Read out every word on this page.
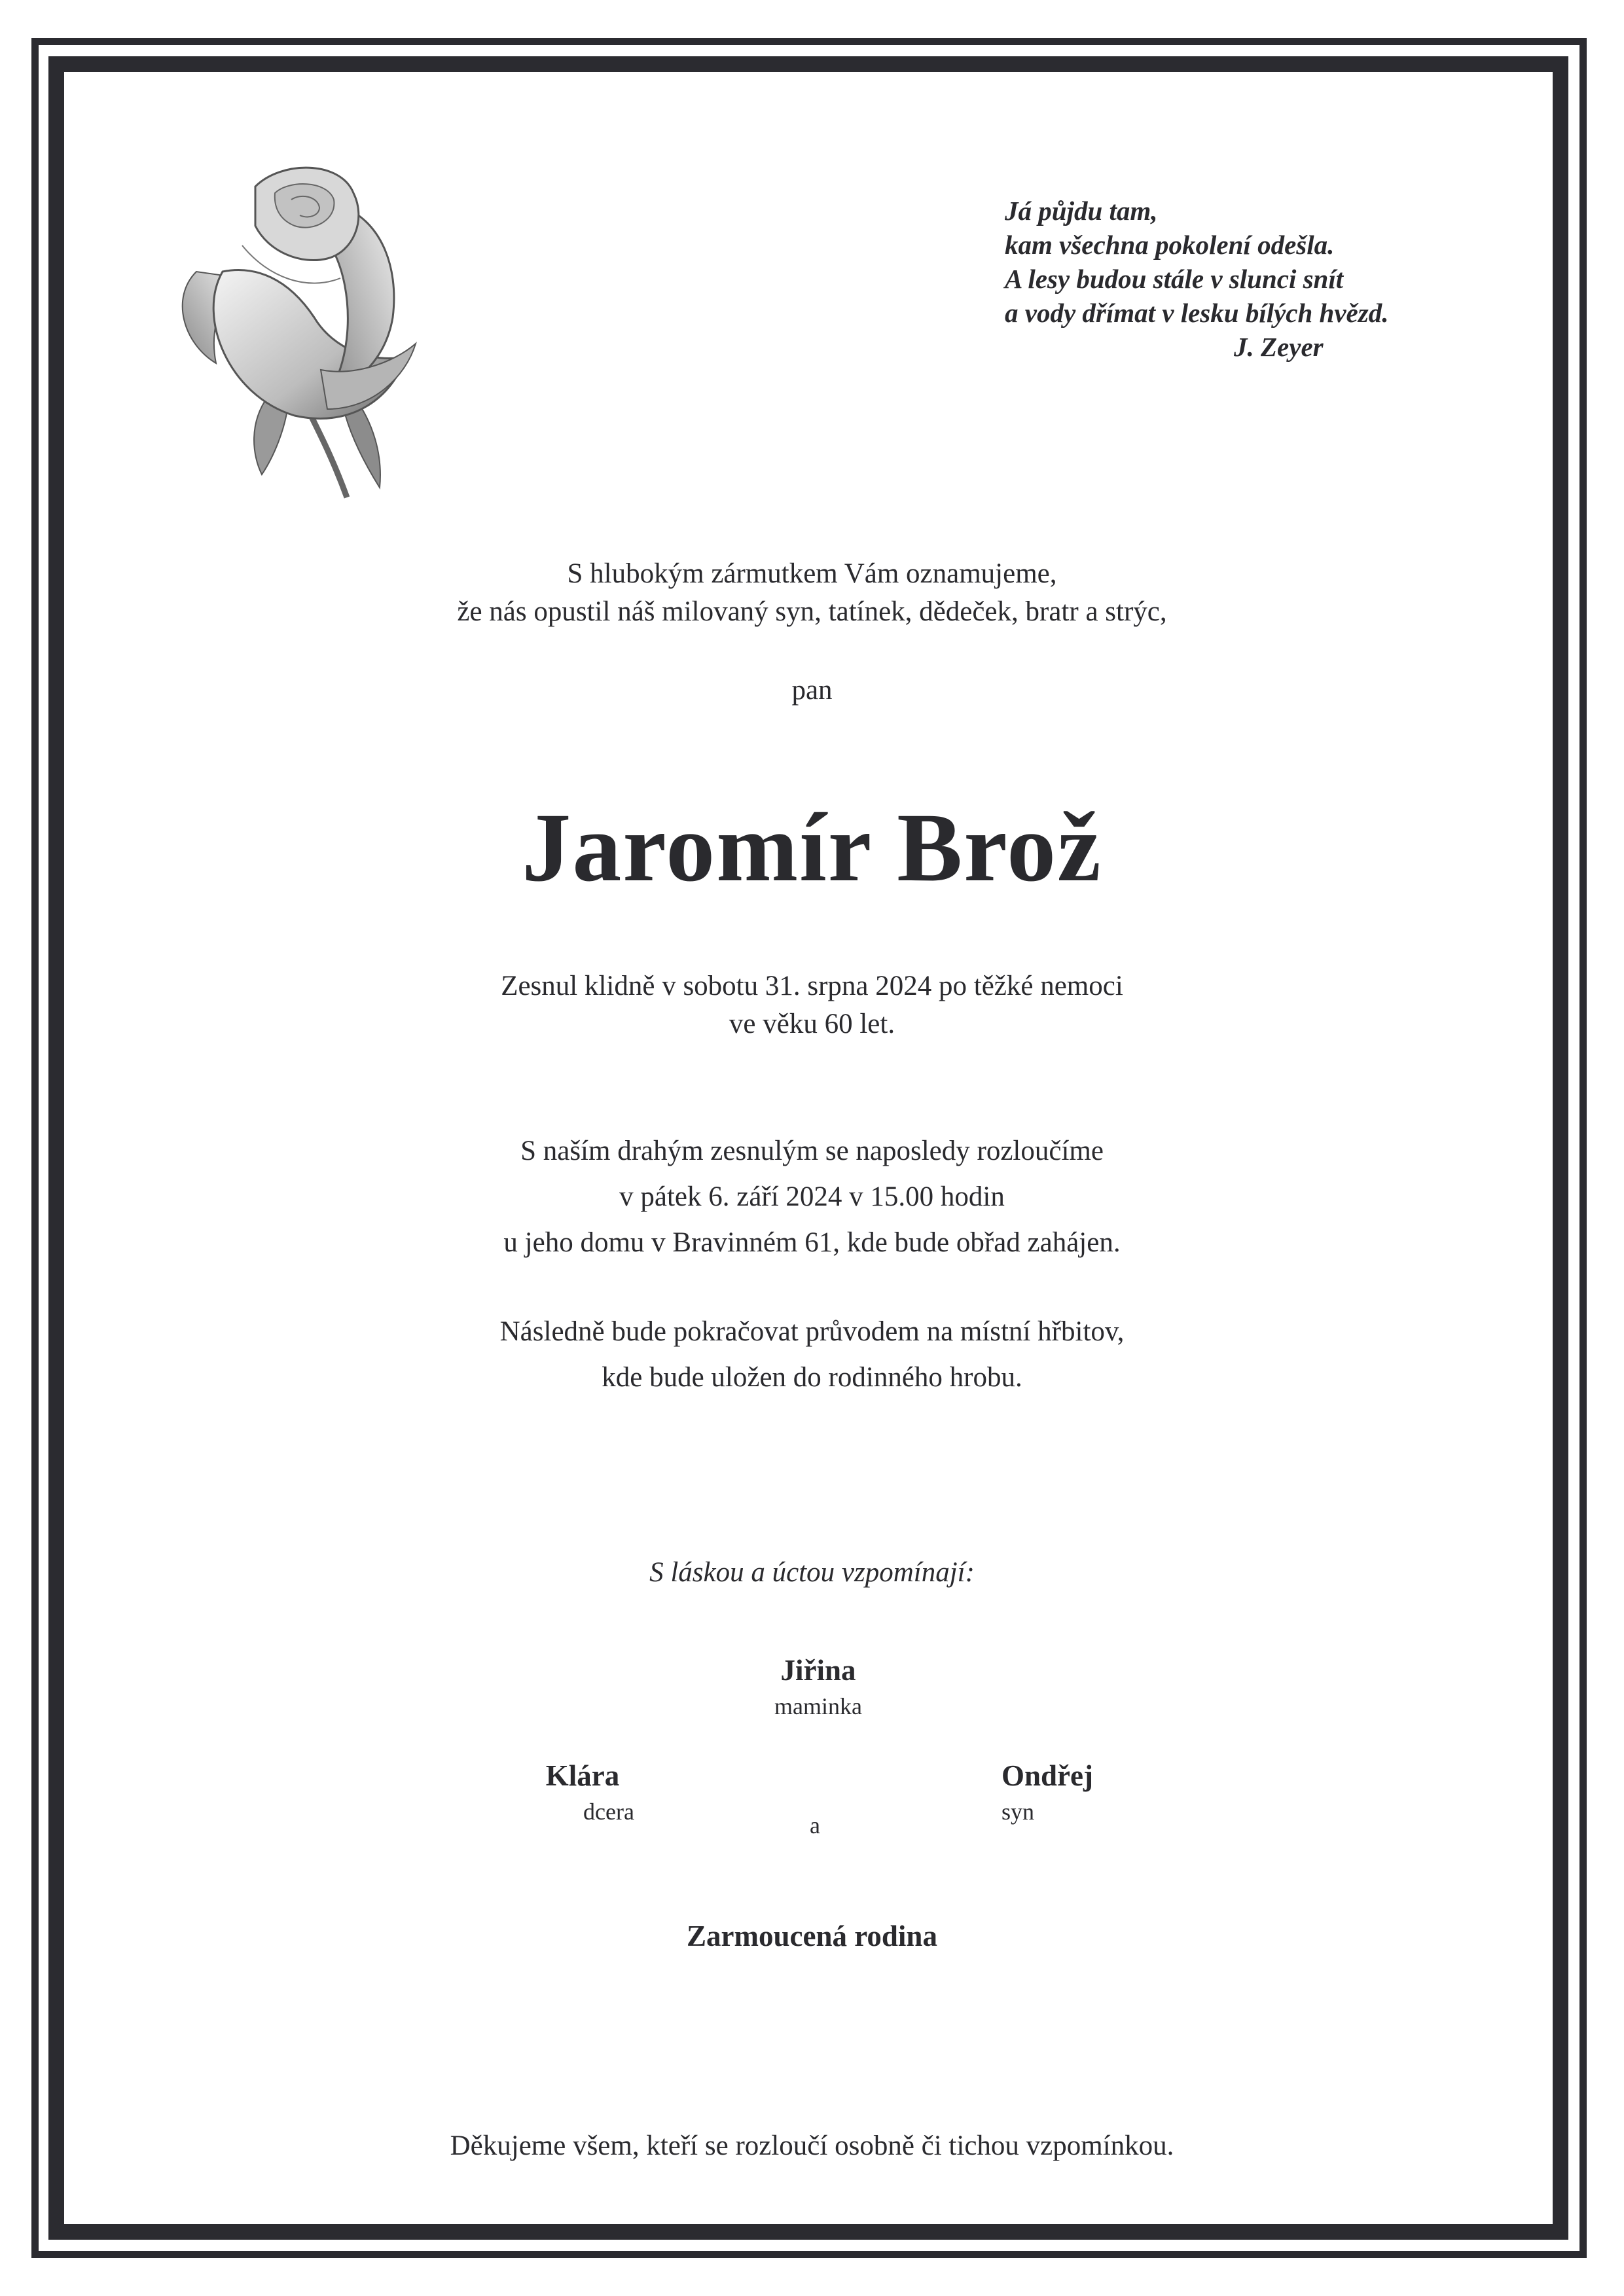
Já půjdu tam,
kam všechna pokolení odešla.
A lesy budou stále v slunci snít
a vody dřímat v lesku bílých hvězd.
J. Zeyer
S hlubokým zármutkem Vám oznamujeme,
že nás opustil náš milovaný syn, tatínek, dědeček, bratr a strýc,
pan
Jaromír Brož
Zesnul klidně v sobotu 31. srpna 2024 po těžké nemoci
ve věku 60 let.
S naším drahým zesnulým se naposledy rozloučíme
v pátek 6. září 2024 v 15.00 hodin
u jeho domu v Bravinném 61, kde bude obřad zahájen.
Následně bude pokračovat průvodem na místní hřbitov,
kde bude uložen do rodinného hrobu.
S láskou a úctou vzpomínají:
Jiřina
maminka
Klára
dcera
a
Ondřej
syn
Zarmoucená rodina
Děkujeme všem, kteří se rozloučí osobně či tichou vzpomínkou.
